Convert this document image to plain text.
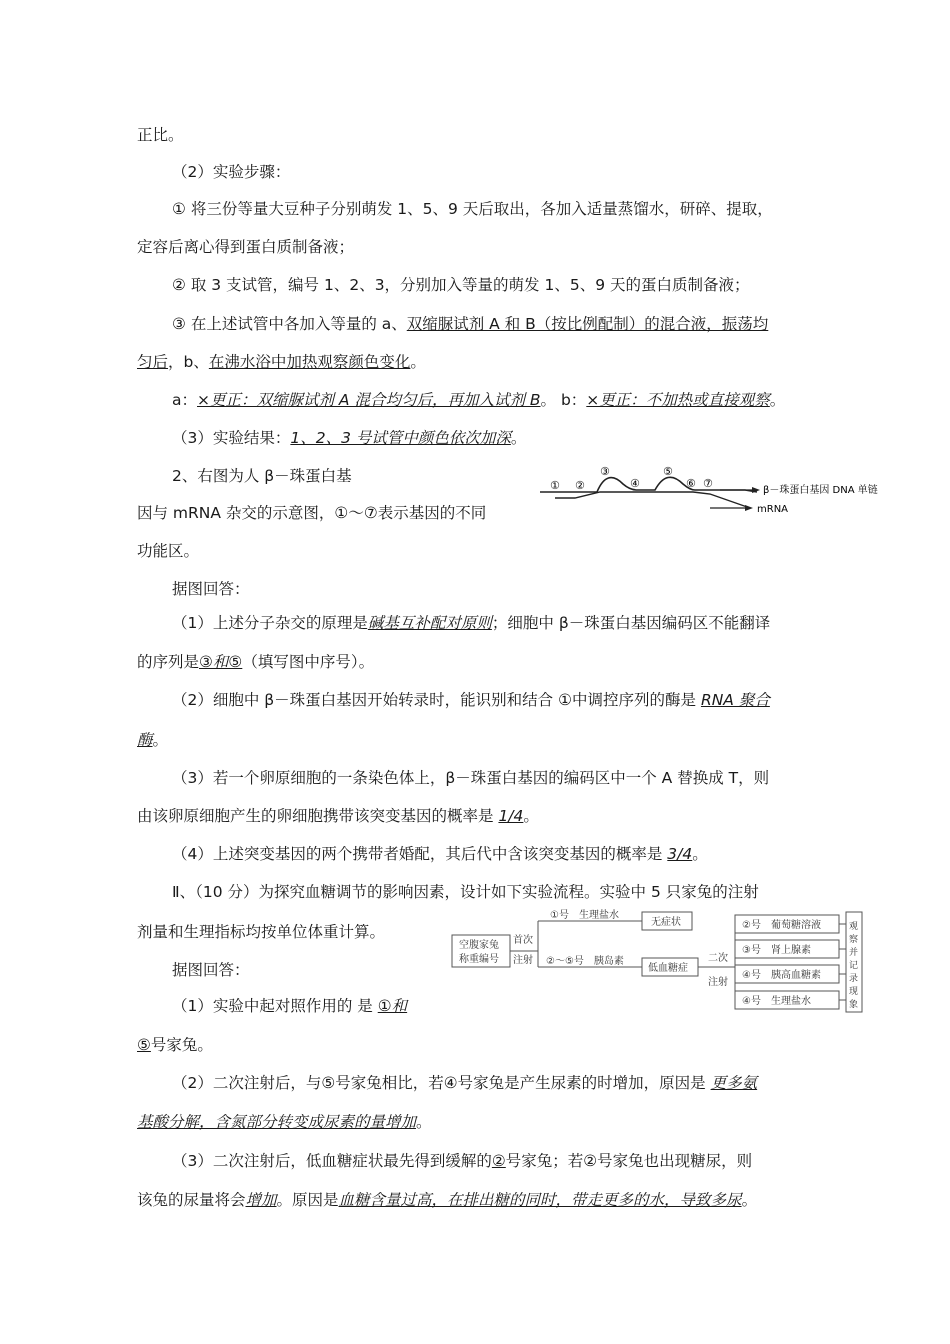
正比。
（2）实验步骤：
① 将三份等量大豆种子分别萌发 1、5、9 天后取出，各加入适量蒸馏水，研碎、提取，
定容后离心得到蛋白质制备液；
② 取 3 支试管，编号 1、2、3，分别加入等量的萌发 1、5、9 天的蛋白质制备液；
③ 在上述试管中各加入等量的 a、双缩脲试剂 A 和 B（按比例配制）的混合液，振荡均
匀后，b、在沸水浴中加热观察颜色变化。
a：×更正：双缩脲试剂 A 混合均匀后，再加入试剂 B。 b：×更正：不加热或直接观察。
（3）实验结果：1、2、3 号试管中颜色依次加深。
2、右图为人 β－珠蛋白基
因与 mRNA 杂交的示意图，①～⑦表示基因的不同
功能区。
据图回答：
（1）上述分子杂交的原理是碱基互补配对原则；细胞中 β－珠蛋白基因编码区不能翻译
的序列是③和⑤（填写图中序号）。
（2）细胞中 β－珠蛋白基因开始转录时，能识别和结合 ①中调控序列的酶是 RNA 聚合
酶。
（3）若一个卵原细胞的一条染色体上，β－珠蛋白基因的编码区中一个 A 替换成 T，则
由该卵原细胞产生的卵细胞携带该突变基因的概率是 1/4。
（4）上述突变基因的两个携带者婚配，其后代中含该突变基因的概率是 3/4。
Ⅱ、（10 分）为探究血糖调节的影响因素，设计如下实验流程。实验中 5 只家兔的注射
剂量和生理指标均按单位体重计算。
据图回答：
（1）实验中起对照作用的 是 ①和
⑤号家兔。
（2）二次注射后，与⑤号家兔相比，若④号家兔是产生尿素的时增加，原因是 更多氨
基酸分解，含氮部分转变成尿素的量增加。
（3）二次注射后，低血糖症状最先得到缓解的②号家兔；若②号家兔也出现糖尿，则
该兔的尿量将会增加。原因是血糖含量过高，在排出糖的同时，带走更多的水，导致多尿。
① ②
③
④
⑤
⑥ ⑦
β－珠蛋白基因 DNA 单链
mRNA
空腹家兔
称重编号
首次
注射
①号　生理盐水
②～⑤号　胰岛素
无症状
低血糖症
二次
注射
②号　葡萄糖溶液
③号　肾上腺素
④号　胰高血糖素
④号　生理盐水
观
察
并
记
录
现
象
